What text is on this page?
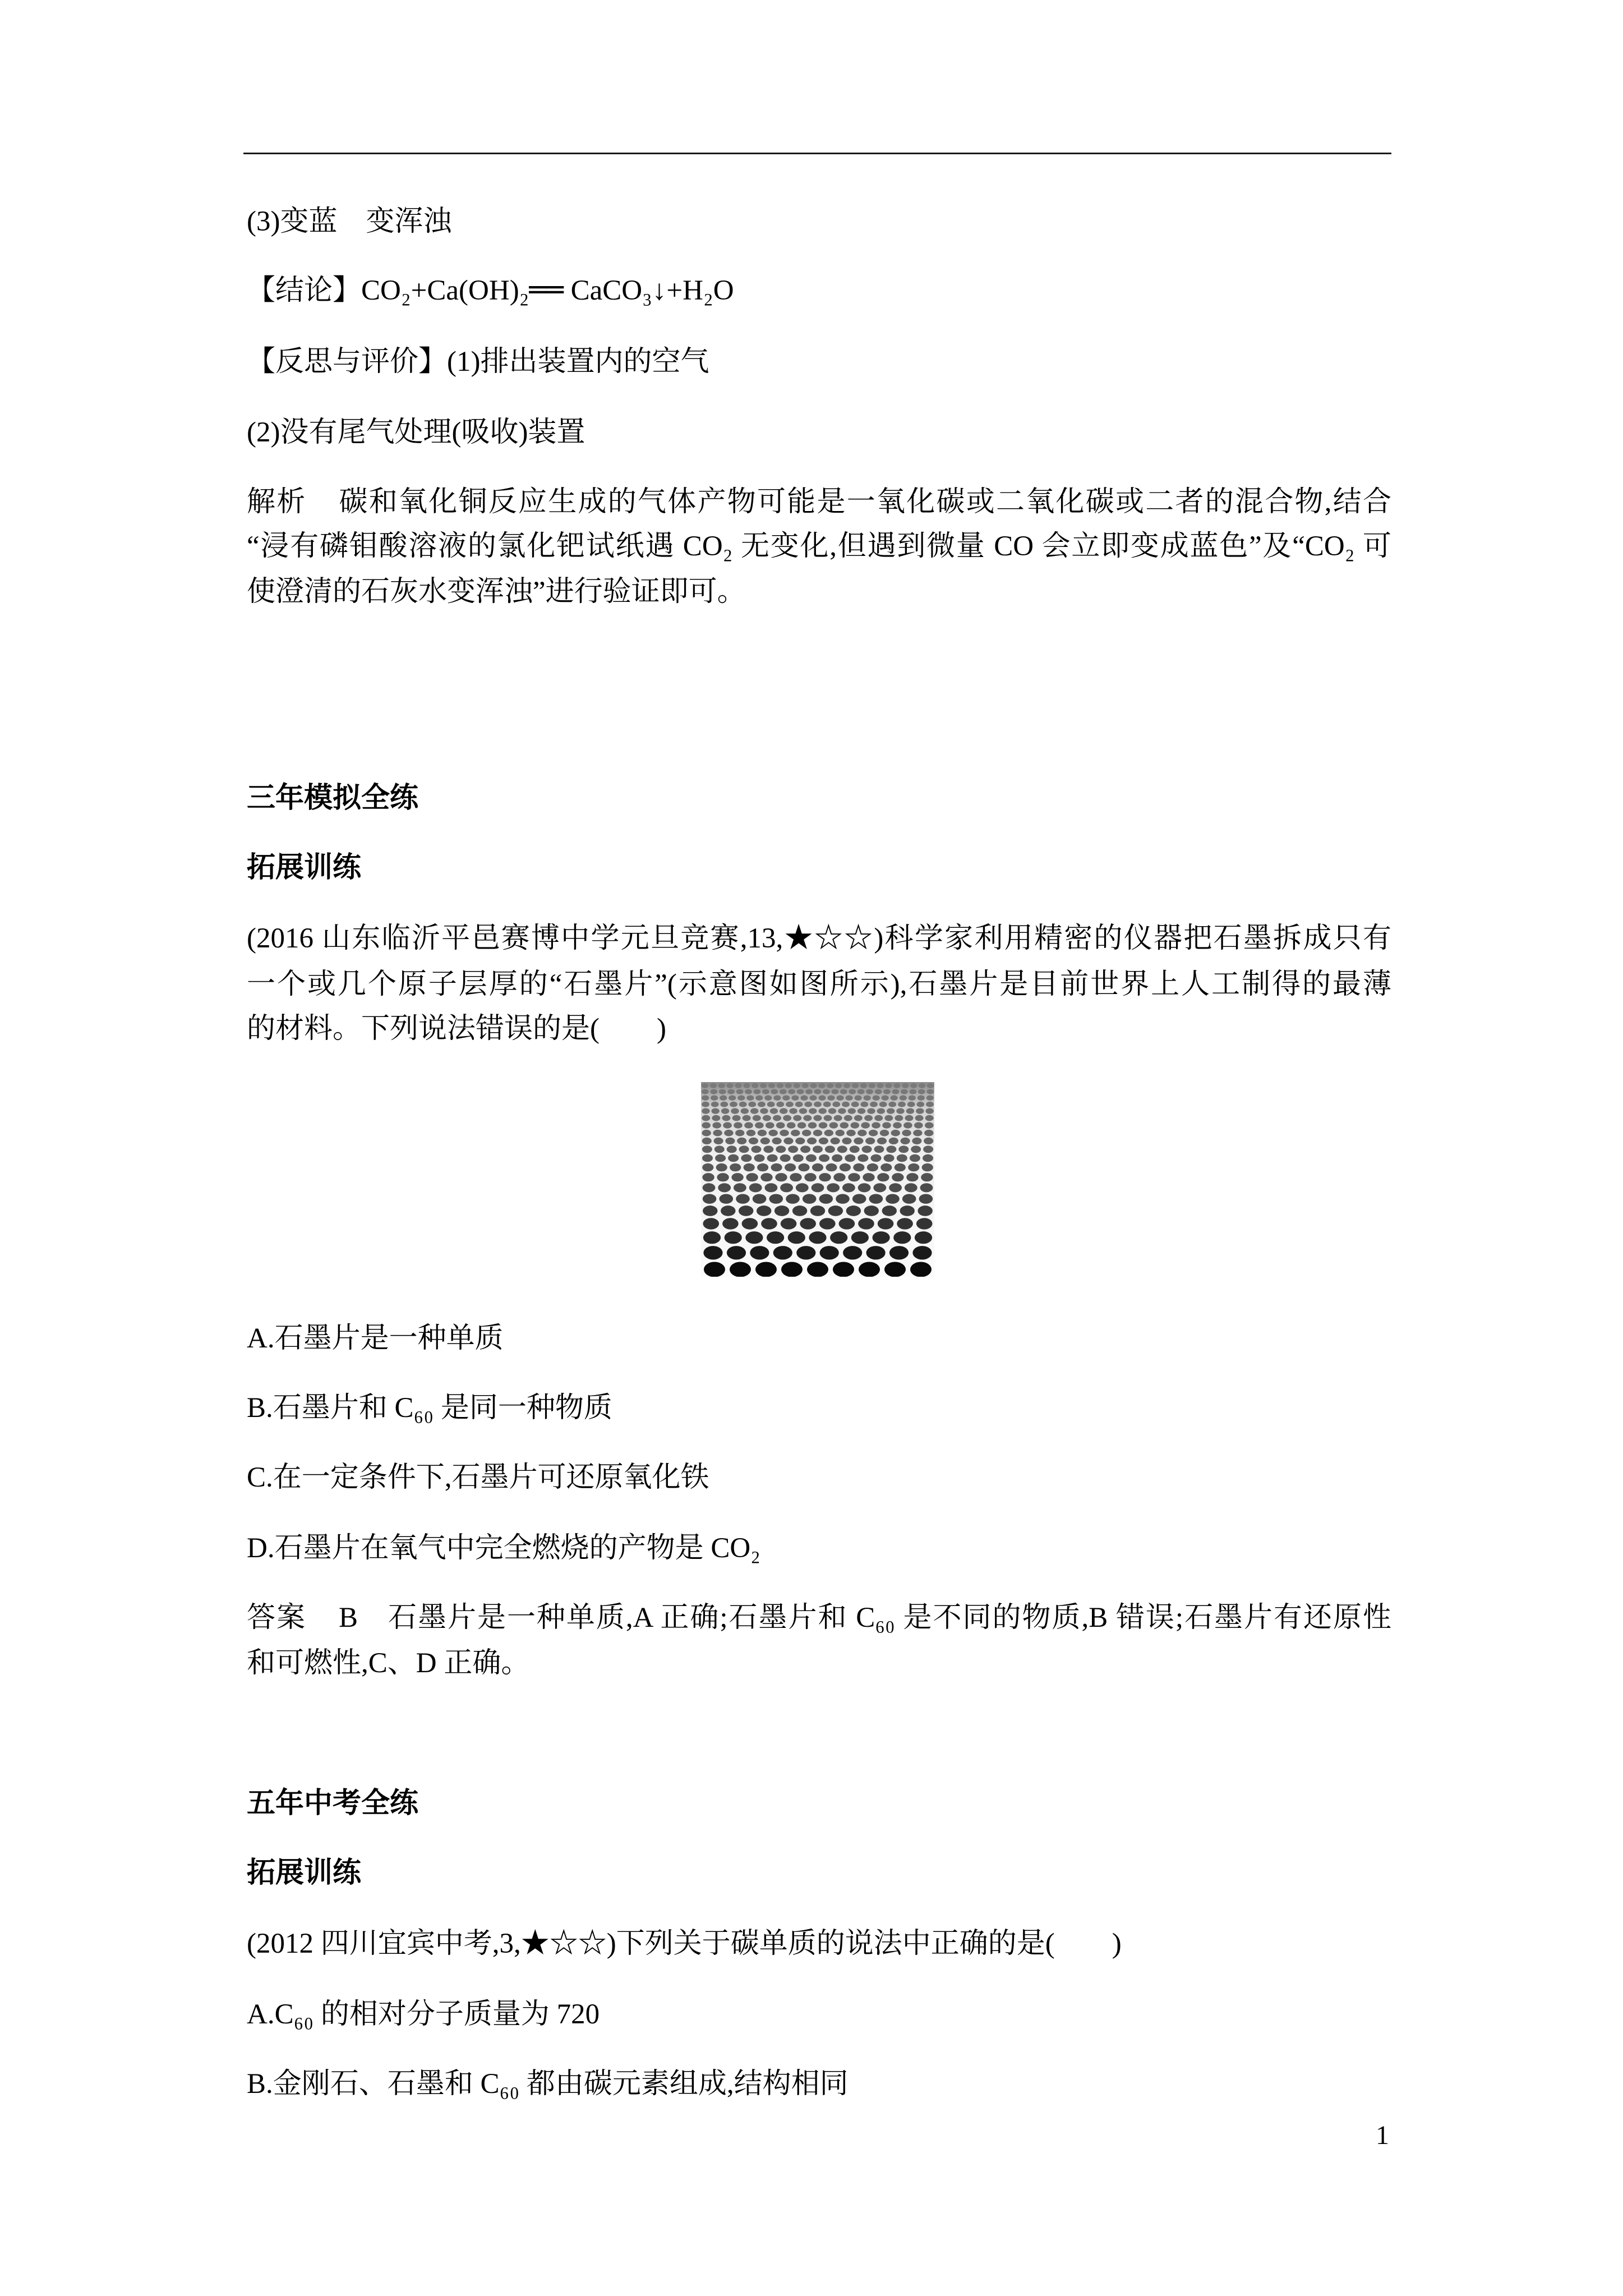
(3)变蓝　变浑浊
【结论】CO₂+Ca(OH)₂══ CaCO₃↓+H₂O
【反思与评价】(1)排出装置内的空气
(2)没有尾气处理(吸收)装置
解析 碳和氧化铜反应生成的气体产物可能是一氧化碳或二氧化碳或二者的混合物,结合
“浸有磷钼酸溶液的氯化钯试纸遇 CO₂ 无变化,但遇到微量 CO 会立即变成蓝色”及“CO₂ 可
使澄清的石灰水变浑浊”进行验证即可。
三年模拟全练
拓展训练
(2016 山东临沂平邑赛博中学元旦竞赛,13,★☆☆)科学家利用精密的仪器把石墨拆成只有
一个或几个原子层厚的“石墨片”(示意图如图所示),石墨片是目前世界上人工制得的最薄
的材料。下列说法错误的是(　　)
A.石墨片是一种单质
B.石墨片和 C₆₀ 是同一种物质
C.在一定条件下,石墨片可还原氧化铁
D.石墨片在氧气中完全燃烧的产物是 CO₂
答案 B 石墨片是一种单质,A 正确;石墨片和 C₆₀ 是不同的物质,B 错误;石墨片有还原性
和可燃性,C、D 正确。
五年中考全练
拓展训练
(2012 四川宜宾中考,3,★☆☆)下列关于碳单质的说法中正确的是(　　)
A.C₆₀ 的相对分子质量为 720
B.金刚石、石墨和 C₆₀ 都由碳元素组成,结构相同
1
